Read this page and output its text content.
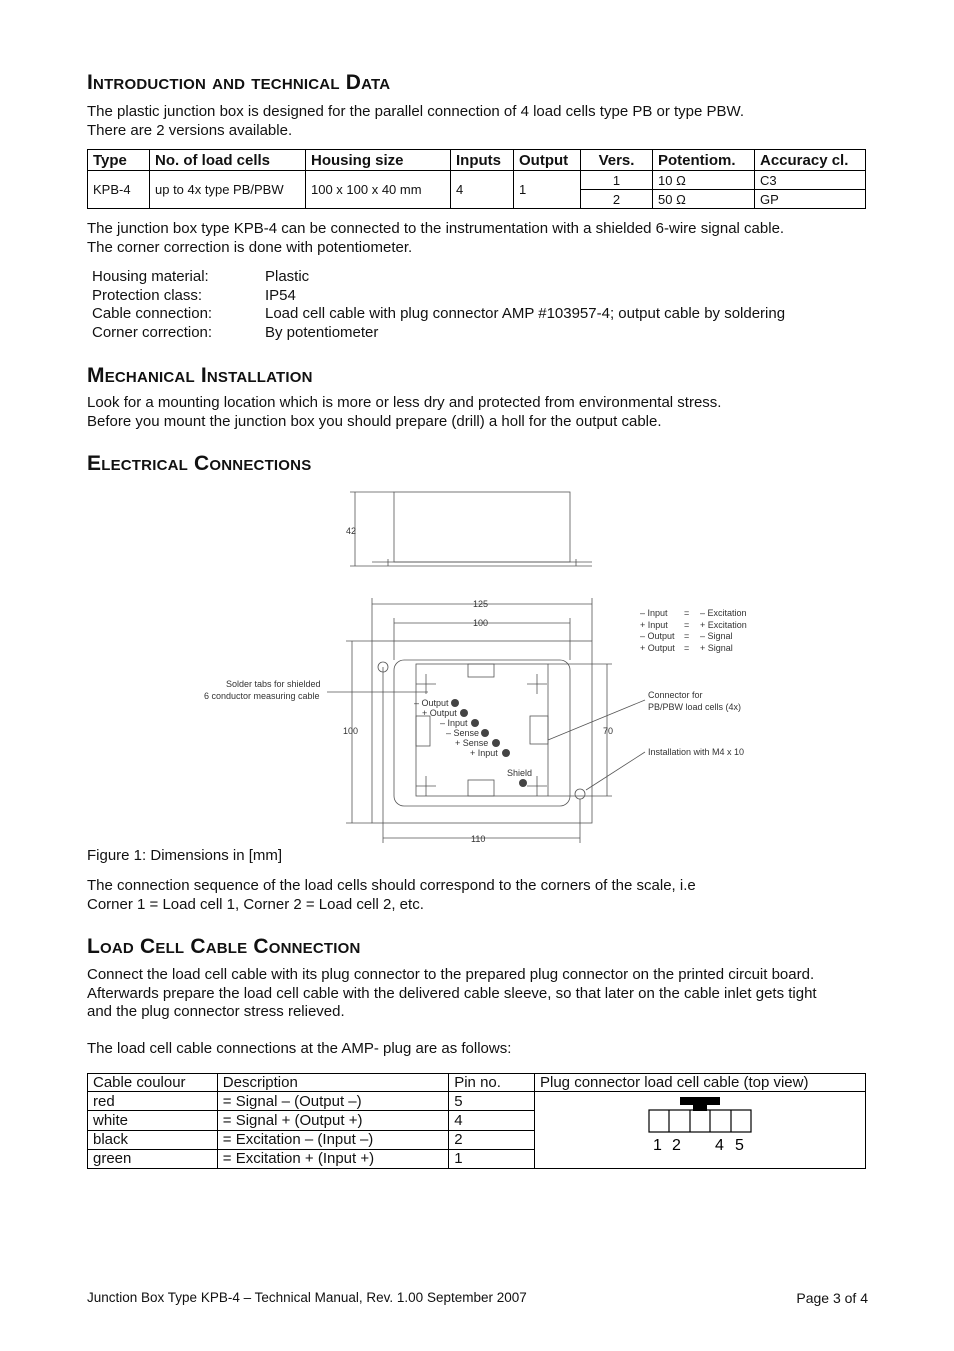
Introduction and technical Data
The plastic junction box is designed for the parallel connection of 4 load cells type PB or type PBW.
There are 2 versions available.
Type	No. of load cells	Housing size	Inputs	Output	Vers.	Potentiom.	Accuracy cl.
KPB-4	up to 4x type PB/PBW	100 x 100 x 40 mm	4	1	1	10 Ω	C3
					2	50 Ω	GP
The junction box type KPB-4 can be connected to the instrumentation with a shielded 6-wire signal cable.
The corner correction is done with potentiometer.
Housing material:	Plastic
Protection class:	IP54
Cable connection:	Load cell cable with plug connector AMP #103957-4; output cable by soldering
Corner correction:	By potentiometer
Mechanical Installation
Look for a mounting location which is more or less dry and protected from environmental stress.
Before you mount the junction box you should prepare (drill) a holl for the output cable.
Electrical Connections
42
125
100
100	70
110
– Input = – Excitation
+ Input = + Excitation
– Output = – Signal
+ Output = + Signal
Solder tabs for shielded
6 conductor measuring cable	Connector for
PB/PBW load cells (4x)
Installation with M4 x 10
– Output
+ Output
– Input
– Sense
+ Sense
+ Input
Shield
Figure 1: Dimensions in [mm]
The connection sequence of the load cells should correspond to the corners of the scale, i.e
Corner 1 = Load cell 1, Corner 2 = Load cell 2, etc.
Load Cell Cable Connection
Connect the load cell cable with its plug connector to the prepared plug connector on the printed circuit board.
Afterwards prepare the load cell cable with the delivered cable sleeve, so that later on the cable inlet gets tight
and the plug connector stress relieved.
The load cell cable connections at the AMP- plug are as follows:
Cable coulour	Description	Pin no.	Plug connector load cell cable (top view)
red	= Signal – (Output –)	5	1 2 4 5

white	= Signal + (Output +)	4	
black	= Excitation – (Input –)	2	
green	= Excitation + (Input +)	1	
Junction Box Type KPB-4 – Technical Manual, Rev. 1.00 September 2007	Page 3 of 4
